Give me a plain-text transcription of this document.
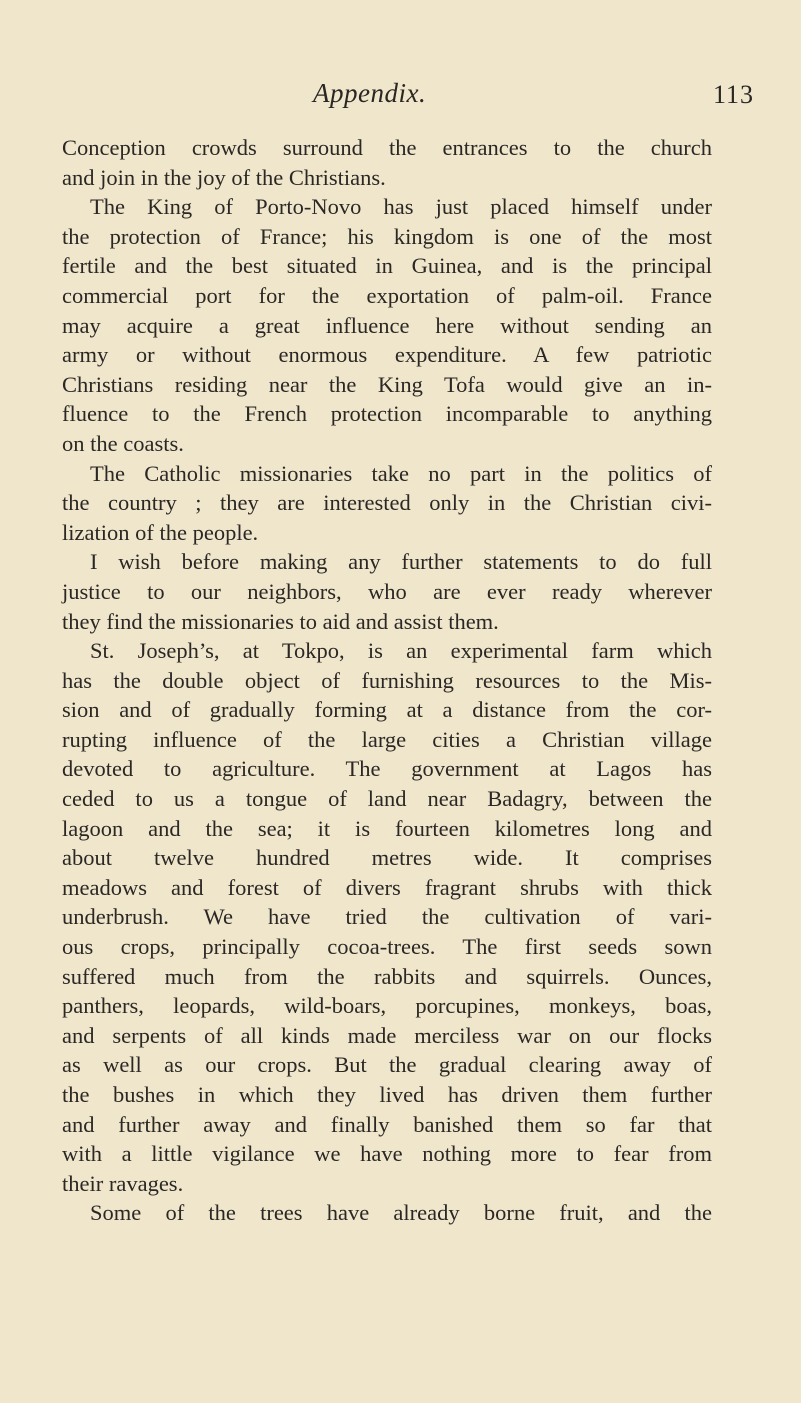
Appendix.	113
Conception crowds surround the entrances to the church
and join in the joy of the Christians.
The King of Porto-Novo has just placed himself under
the protection of France; his kingdom is one of the most
fertile and the best situated in Guinea, and is the principal
commercial port for the exportation of palm-oil. France
may acquire a great influence here without sending an
army or without enormous expenditure. A few patriotic
Christians residing near the King Tofa would give an in-
fluence to the French protection incomparable to anything
on the coasts.
The Catholic missionaries take no part in the politics of
the country ; they are interested only in the Christian civi-
lization of the people.
I wish before making any further statements to do full
justice to our neighbors, who are ever ready wherever
they find the missionaries to aid and assist them.
St. Joseph’s, at Tokpo, is an experimental farm which
has the double object of furnishing resources to the Mis-
sion and of gradually forming at a distance from the cor-
rupting influence of the large cities a Christian village
devoted to agriculture. The government at Lagos has
ceded to us a tongue of land near Badagry, between the
lagoon and the sea; it is fourteen kilometres long and
about twelve hundred metres wide. It comprises
meadows and forest of divers fragrant shrubs with thick
underbrush. We have tried the cultivation of vari-
ous crops, principally cocoa-trees. The first seeds sown
suffered much from the rabbits and squirrels. Ounces,
panthers, leopards, wild-boars, porcupines, monkeys, boas,
and serpents of all kinds made merciless war on our flocks
as well as our crops. But the gradual clearing away of
the bushes in which they lived has driven them further
and further away and finally banished them so far that
with a little vigilance we have nothing more to fear from
their ravages.
Some of the trees have already borne fruit, and the
